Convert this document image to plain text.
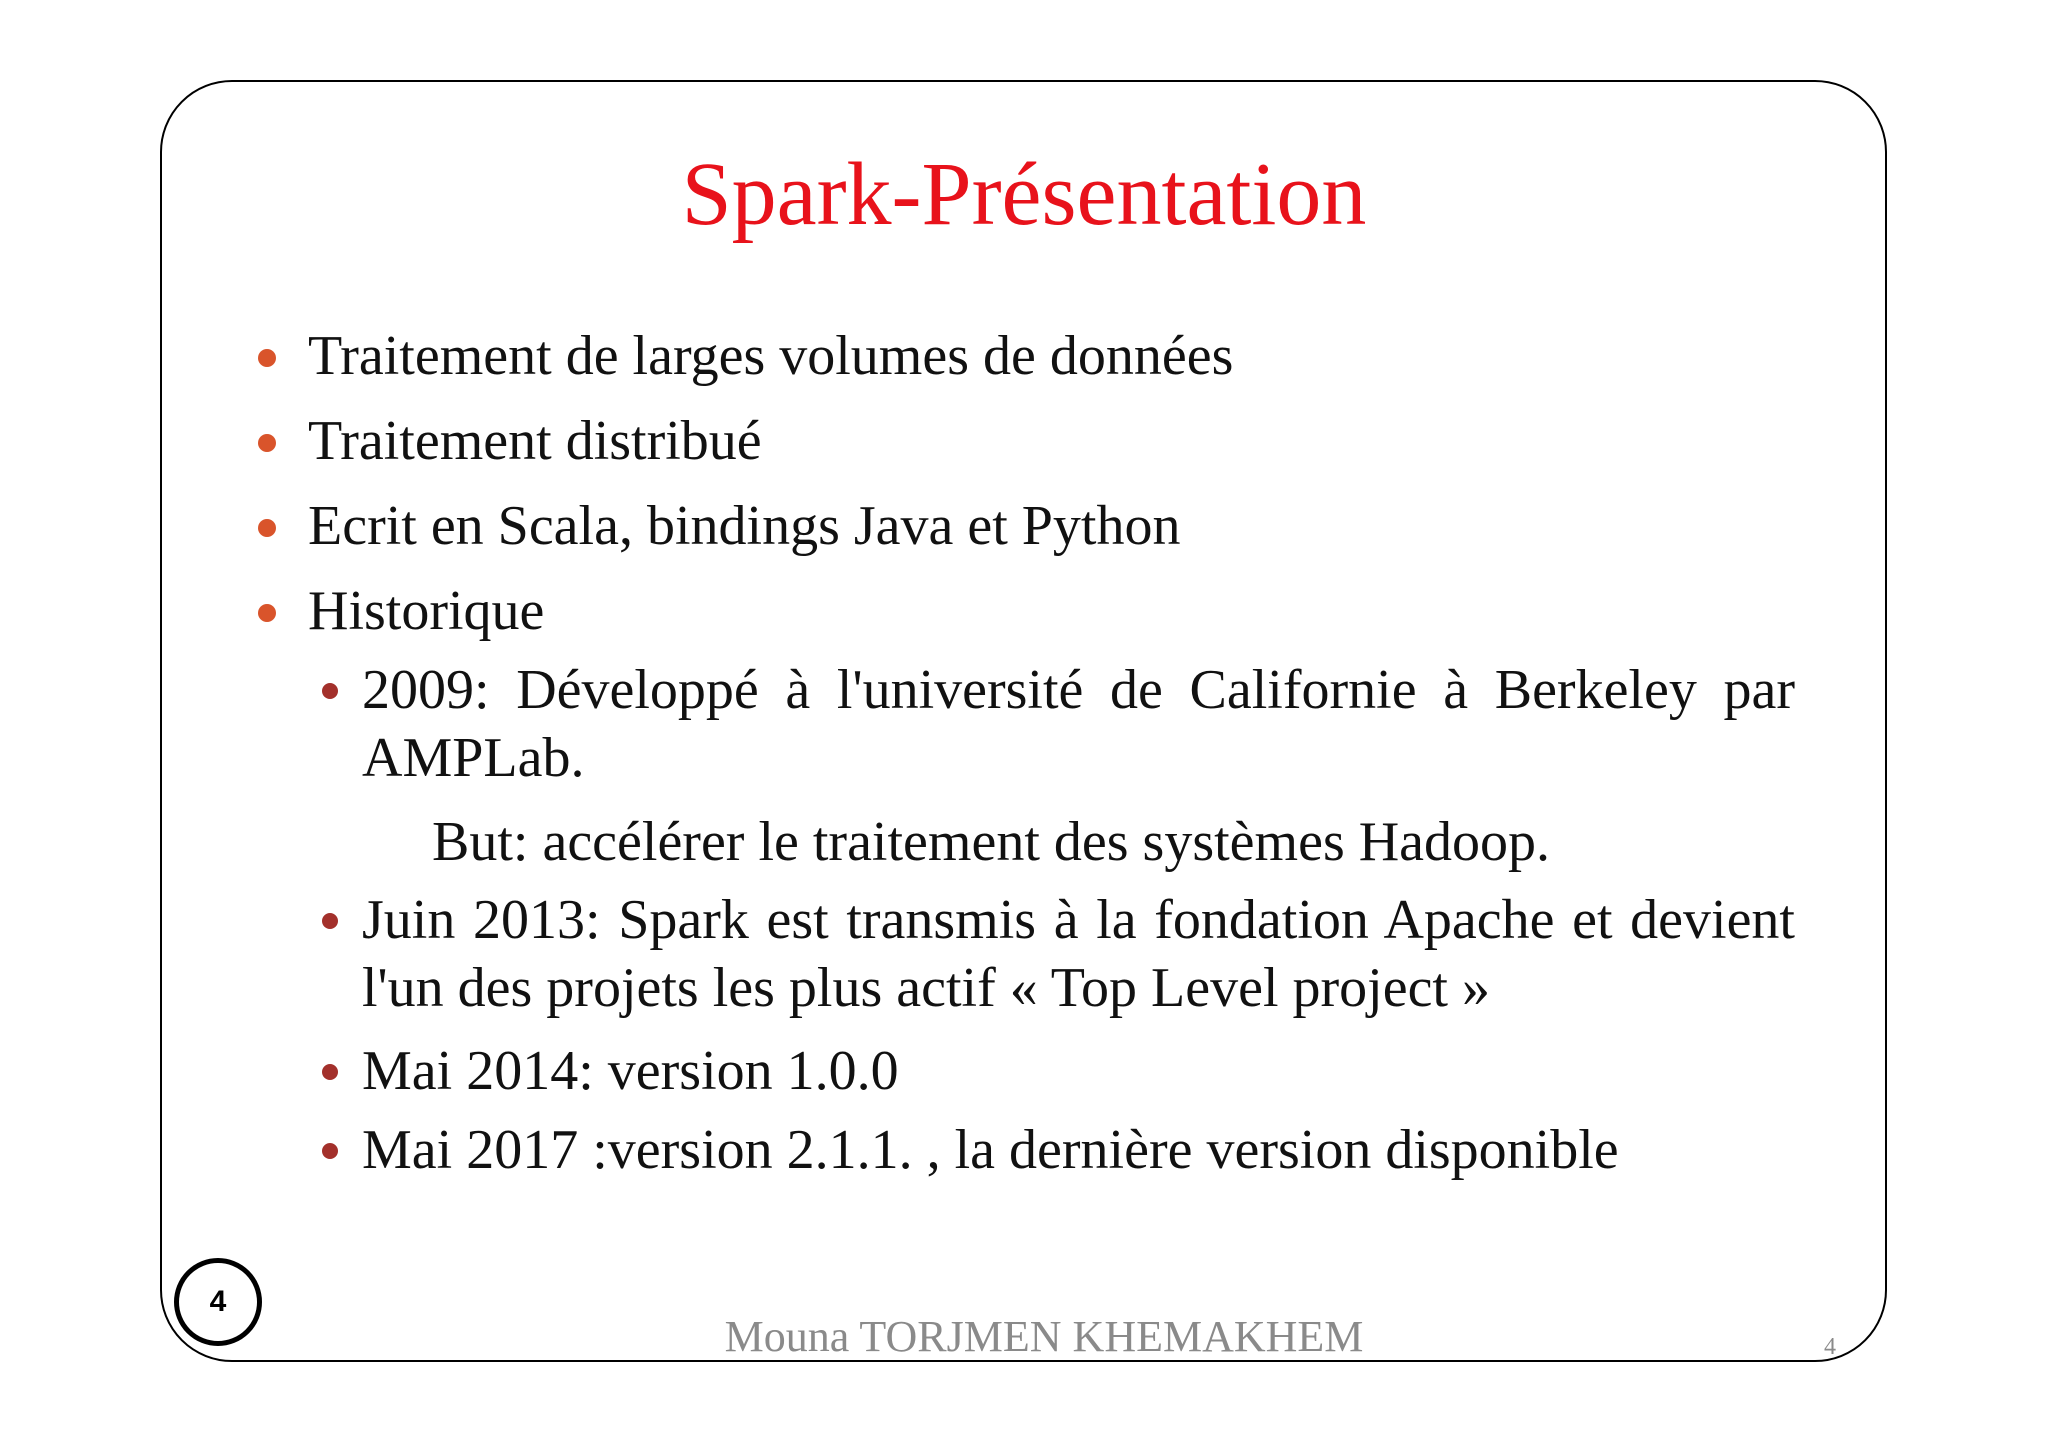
Spark-Présentation
Traitement de larges volumes de données
Traitement distribué
Ecrit en Scala, bindings Java et Python
Historique
2009: Développé à l'université de Californie à Berkeley par AMPLab.
But: accélérer le traitement des systèmes Hadoop.
Juin 2013: Spark est transmis à la fondation Apache et devient l'un des projets les plus actif « Top Level project »
Mai 2014: version 1.0.0
Mai 2017 :version 2.1.1. , la dernière version disponible
4
Mouna TORJMEN KHEMAKHEM	4
